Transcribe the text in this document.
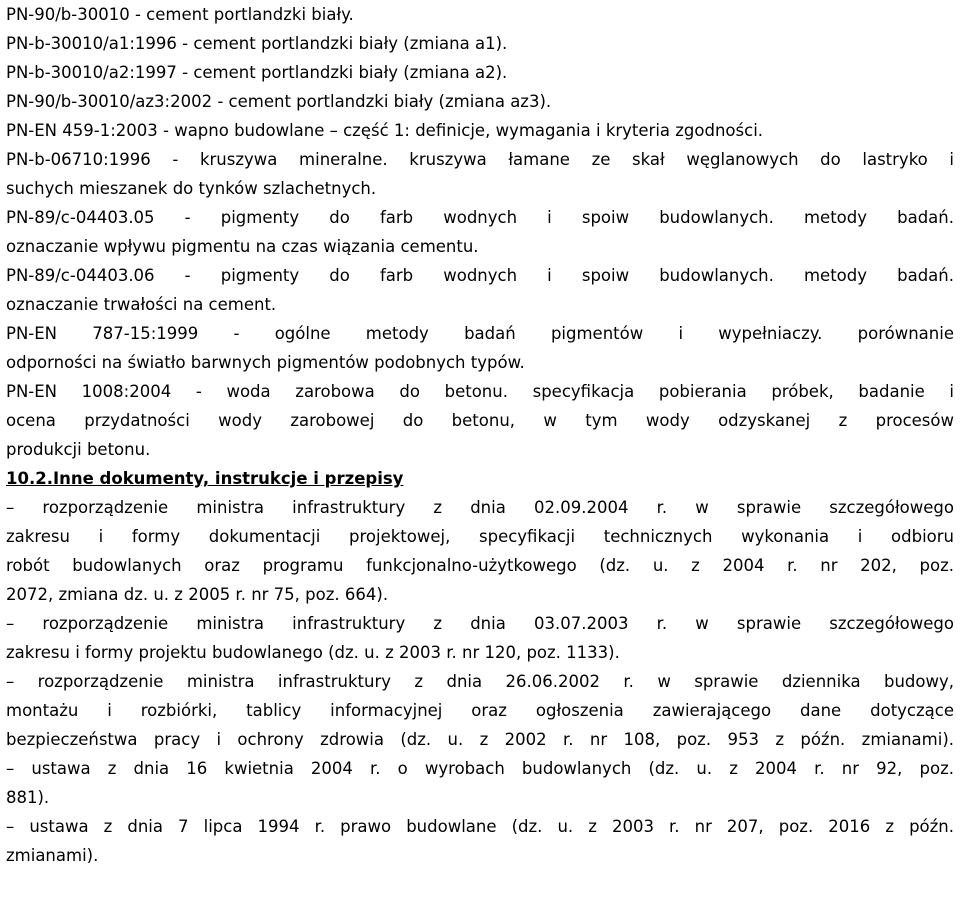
PN-90/b-30010 - cement portlandzki biały.
PN-b-30010/a1:1996 - cement portlandzki biały (zmiana a1).
PN-b-30010/a2:1997 - cement portlandzki biały (zmiana a2).
PN-90/b-30010/az3:2002 - cement portlandzki biały (zmiana az3).
PN-EN 459-1:2003 - wapno budowlane – część 1: definicje, wymagania i kryteria zgodności.
PN-b-06710:1996 - kruszywa mineralne. kruszywa łamane ze skał węglanowych do lastryko i
suchych mieszanek do tynków szlachetnych.
PN-89/c-04403.05 - pigmenty do farb wodnych i spoiw budowlanych. metody badań.
oznaczanie wpływu pigmentu na czas wiązania cementu.
PN-89/c-04403.06 - pigmenty do farb wodnych i spoiw budowlanych. metody badań.
oznaczanie trwałości na cement.
PN-EN 787-15:1999 - ogólne metody badań pigmentów i wypełniaczy. porównanie
odporności na światło barwnych pigmentów podobnych typów.
PN-EN 1008:2004 - woda zarobowa do betonu. specyfikacja pobierania próbek, badanie i
ocena przydatności wody zarobowej do betonu, w tym wody odzyskanej z procesów
produkcji betonu.
10.2.Inne dokumenty, instrukcje i przepisy
– rozporządzenie ministra infrastruktury z dnia 02.09.2004 r. w sprawie szczegółowego
zakresu i formy dokumentacji projektowej, specyfikacji technicznych wykonania i odbioru
robót budowlanych oraz programu funkcjonalno-użytkowego (dz. u. z 2004 r. nr 202, poz.
2072, zmiana dz. u. z 2005 r. nr 75, poz. 664).
– rozporządzenie ministra infrastruktury z dnia 03.07.2003 r. w sprawie szczegółowego
zakresu i formy projektu budowlanego (dz. u. z 2003 r. nr 120, poz. 1133).
– rozporządzenie ministra infrastruktury z dnia 26.06.2002 r. w sprawie dziennika budowy,
montażu i rozbiórki, tablicy informacyjnej oraz ogłoszenia zawierającego dane dotyczące
bezpieczeństwa pracy i ochrony zdrowia (dz. u. z 2002 r. nr 108, poz. 953 z późn. zmianami).
– ustawa z dnia 16 kwietnia 2004 r. o wyrobach budowlanych (dz. u. z 2004 r. nr 92, poz.
881).
– ustawa z dnia 7 lipca 1994 r. prawo budowlane (dz. u. z 2003 r. nr 207, poz. 2016 z późn.
zmianami).
